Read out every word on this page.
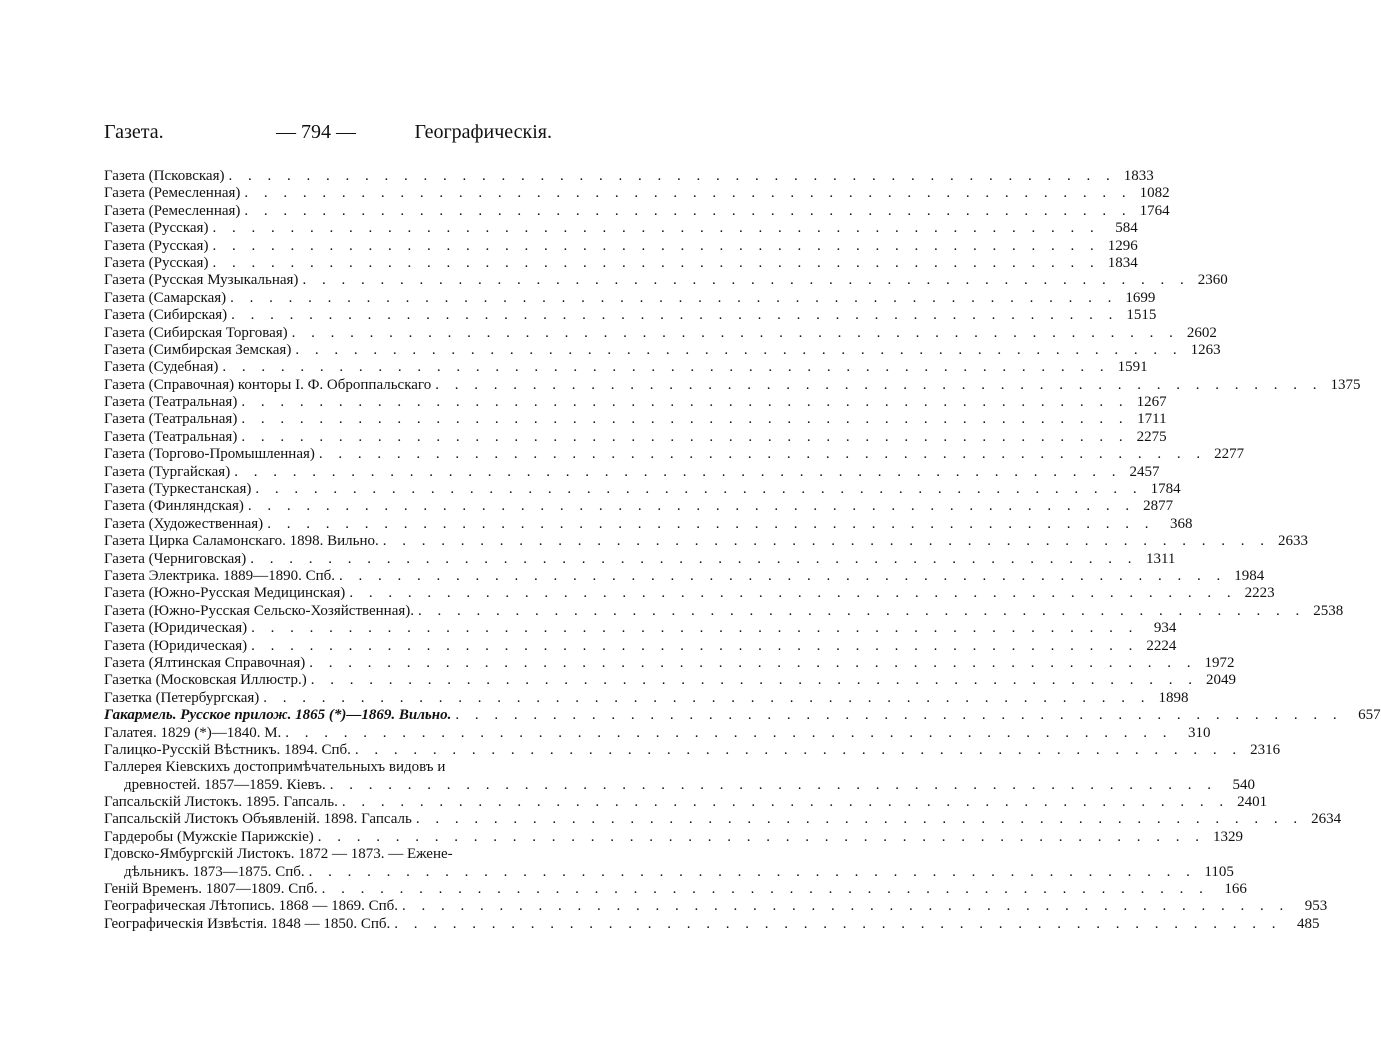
Газета.	— 794 —	Географическія.
Газета (Псковская) . . .	1833
Газета (Ремесленная) . . .	1082
Газета (Ремесленная) . . .	1764
Газета (Русская) . . .	584
Газета (Русская) . . .	1296
Газета (Русская) . . .	1834
Газета (Русская Музыкальная) . . .	2360
Газета (Самарская) . . .	1699
Газета (Сибирская) . . .	1515
Газета (Сибирская Торговая) . . .	2602
Газета (Симбирская Земская) . . .	1263
Газета (Судебная) . . .	1591
Газета (Справочная) конторы І. Ф. Оброппальскаго . . .	1375
Газета (Театральная) . . .	1267
Газета (Театральная) . . .	1711
Газета (Театральная) . . .	2275
Газета (Торгово-Промышленная) . . .	2277
Газета (Тургайская) . . .	2457
Газета (Туркестанская) . . .	1784
Газета (Финляндская) . . .	2877
Газета (Художественная) . . .	368
Газета Цирка Саламонскаго. 1898. Вильно. . . .	2633
Газета (Черниговская) . . .	1311
Газета Электрика. 1889—1890. Спб. . . .	1984
Газета (Южно-Русская Медицинская) . . .	2223
Газета (Южно-Русская Сельско-Хозяйственная). . . .	2538
Газета (Юридическая) . . .	934
Газета (Юридическая) . . .	2224
Газета (Ялтинская Справочная) . . .	1972
Газетка (Московская Иллюстр.) . . .	2049
Газетка (Петербургская) . . .	1898
Гакармель. Русское прилож. 1865 (*)—1869. Вильно. . . .	657
Галатея. 1829 (*)—1840. М. . . .	310
Галицко-Русскій Вѣстникъ. 1894. Спб. . . .	2316
Галлерея Кіевскихъ достопримѣчательныхъ видовъ и
древностей. 1857—1859. Кіевъ. . . .	540
Гапсальскій Листокъ. 1895. Гапсаль. . . .	2401
Гапсальскій Листокъ Объявленій. 1898. Гапсаль . . .	2634
Гардеробы (Мужскіе Парижскіе) . . .	1329
Гдовско-Ямбургскій Листокъ. 1872 — 1873. — Еженe-
дѣльникъ. 1873—1875. Спб. . . .	1105
Геній Временъ. 1807—1809. Спб. . . .	166
Географическая Лѣтопись. 1868 — 1869. Спб. . . .	953
Географическія Извѣстія. 1848 — 1850. Спб. . . .	485
